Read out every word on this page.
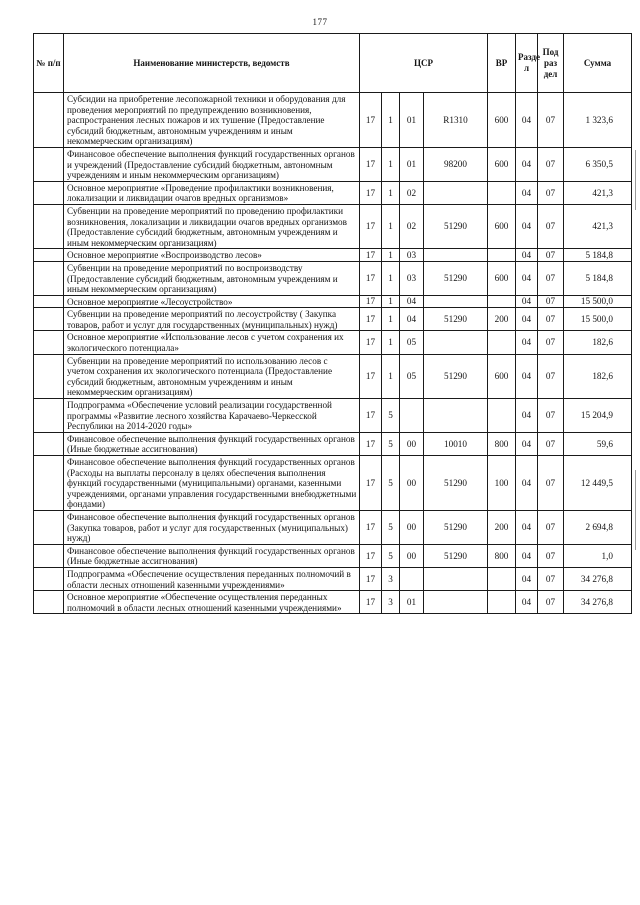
177
№ п/п	Наименование министерств, ведомств	ЦСР				ВР	Разде л	Под раз дел	Сумма
	Субсидии на приобретение лесопожарной техники и оборудования для проведения мероприятий по предупреждению возникновения, распространения лесных пожаров и их тушение (Предоставление субсидий бюджетным, автономным учреждениям и иным некоммерческим организациям)	17	1	01	R1310	600	04	07	1 323,6
	Финансовое обеспечение выполнения функций государственных органов и учреждений (Предоставление субсидий бюджетным, автономным учреждениям и иным некоммерческим организациям)	17	1	01	98200	600	04	07	6 350,5
	Основное мероприятие «Проведение профилактики возникновения, локализации и ликвидации очагов вредных организмов»	17	1	02			04	07	421,3
	Субвенции на проведение мероприятий по проведению профилактики возникновения, локализации и ликвидации очагов вредных организмов (Предоставление субсидий бюджетным, автономным учреждениям и иным некоммерческим организациям)	17	1	02	51290	600	04	07	421,3
	Основное мероприятие «Воспроизводство лесов»	17	1	03			04	07	5 184,8
	Субвенции на проведение мероприятий по воспроизводству (Предоставление субсидий бюджетным, автономным учреждениям и иным некоммерческим организациям)	17	1	03	51290	600	04	07	5 184,8
	Основное мероприятие «Лесоустройство»	17	1	04			04	07	15 500,0
	Субвенции на проведение мероприятий по лесоустройству ( Закупка товаров, работ и услуг для государственных (муниципальных) нужд)	17	1	04	51290	200	04	07	15 500,0
	Основное мероприятие «Использование лесов с учетом сохранения их экологического потенциала»	17	1	05			04	07	182,6
	Субвенции на проведение мероприятий по использованию лесов с учетом сохранения их экологического потенциала (Предоставление субсидий бюджетным, автономным учреждениям и иным некоммерческим организациям)	17	1	05	51290	600	04	07	182,6
	Подпрограмма «Обеспечение условий реализации государственной программы «Развитие лесного хозяйства Карачаево-Черкесской Республики на 2014-2020 годы»	17	5				04	07	15 204,9
	Финансовое обеспечение выполнения функций государственных органов (Иные бюджетные ассигнования)	17	5	00	10010	800	04	07	59,6
	Финансовое обеспечение выполнения функций государственных органов (Расходы на выплаты персоналу в целях обеспечения выполнения функций государственными (муниципальными) органами, казенными учреждениями, органами управления государственными внебюджетными фондами)	17	5	00	51290	100	04	07	12 449,5
	Финансовое обеспечение выполнения функций государственных органов (Закупка товаров, работ и услуг для государственных (муниципальных) нужд)	17	5	00	51290	200	04	07	2 694,8
	Финансовое обеспечение выполнения функций государственных органов (Иные бюджетные ассигнования)	17	5	00	51290	800	04	07	1,0
	Подпрограмма «Обеспечение осуществления переданных полномочий в области лесных отношений казенными учреждениями»	17	3				04	07	34 276,8
	Основное мероприятие «Обеспечение осуществления переданных полномочий в области лесных отношений казенными учреждениями»	17	3	01			04	07	34 276,8
